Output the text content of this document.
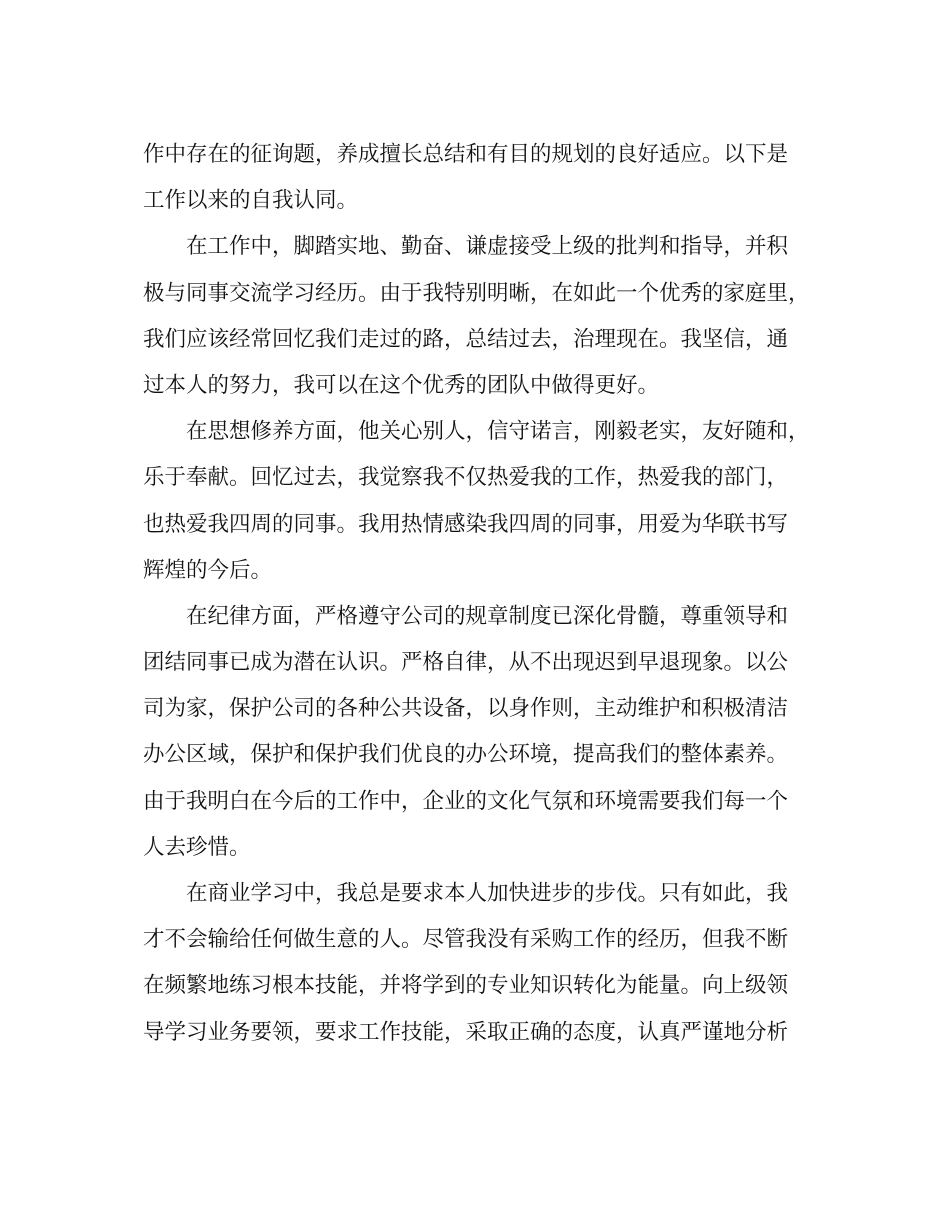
作中存在的征询题，养成擅长总结和有目的规划的良好适应。以下是
工作以来的自我认同。
在工作中，脚踏实地、勤奋、谦虚接受上级的批判和指导，并积
极与同事交流学习经历。由于我特别明晰，在如此一个优秀的家庭里，
我们应该经常回忆我们走过的路，总结过去，治理现在。我坚信，通
过本人的努力，我可以在这个优秀的团队中做得更好。
在思想修养方面，他关心别人，信守诺言，刚毅老实，友好随和，
乐于奉献。回忆过去，我觉察我不仅热爱我的工作，热爱我的部门，
也热爱我四周的同事。我用热情感染我四周的同事，用爱为华联书写
辉煌的今后。
在纪律方面，严格遵守公司的规章制度已深化骨髓，尊重领导和
团结同事已成为潜在认识。严格自律，从不出现迟到早退现象。以公
司为家，保护公司的各种公共设备，以身作则，主动维护和积极清洁
办公区域，保护和保护我们优良的办公环境，提高我们的整体素养。
由于我明白在今后的工作中，企业的文化气氛和环境需要我们每一个
人去珍惜。
在商业学习中，我总是要求本人加快进步的步伐。只有如此，我
才不会输给任何做生意的人。尽管我没有采购工作的经历，但我不断
在频繁地练习根本技能，并将学到的专业知识转化为能量。向上级领
导学习业务要领，要求工作技能，采取正确的态度，认真严谨地分析
